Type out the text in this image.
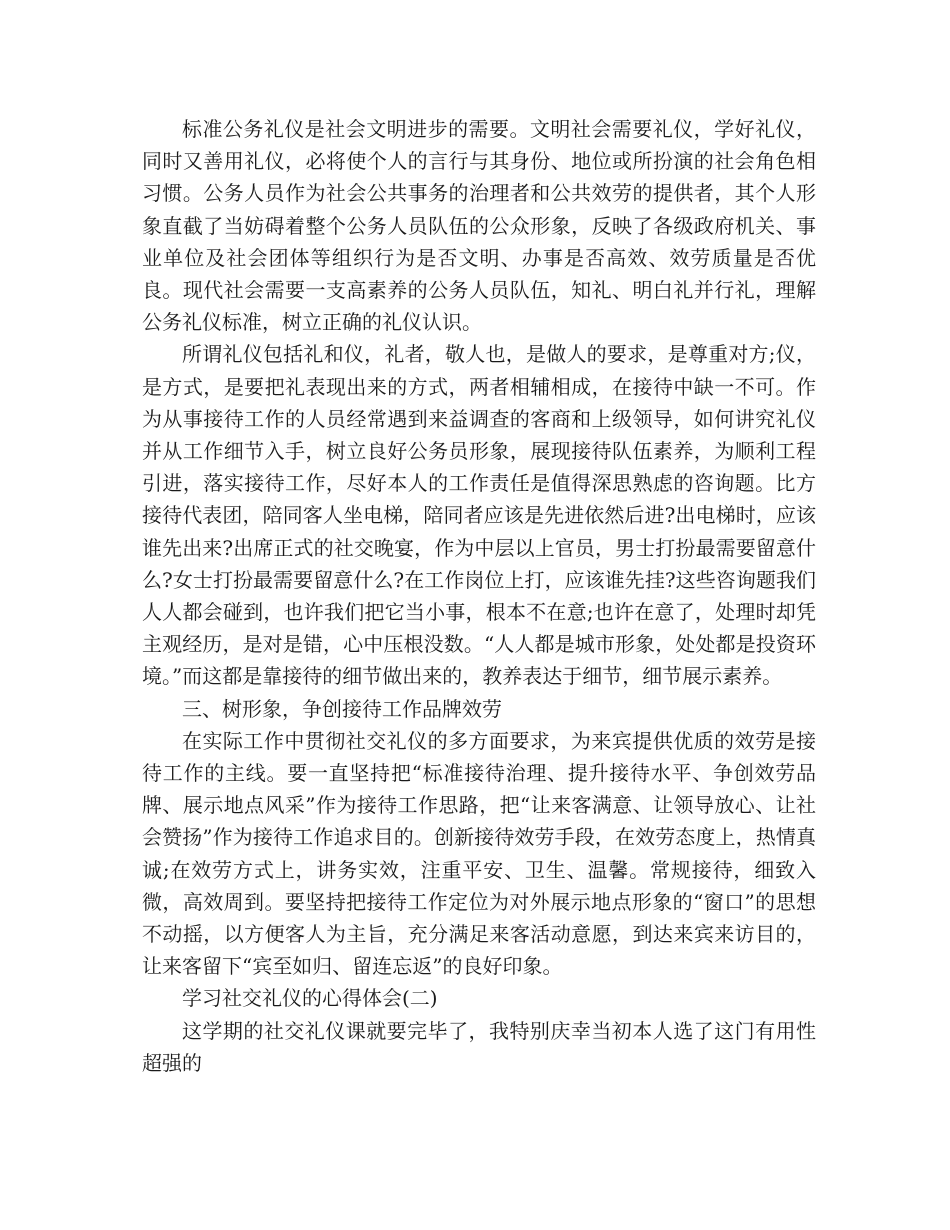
标准公务礼仪是社会文明进步的需要。文明社会需要礼仪，学好礼仪，同时又善用礼仪，必将使个人的言行与其身份、地位或所扮演的社会角色相习惯。公务人员作为社会公共事务的治理者和公共效劳的提供者，其个人形象直截了当妨碍着整个公务人员队伍的公众形象，反映了各级政府机关、事业单位及社会团体等组织行为是否文明、办事是否高效、效劳质量是否优良。现代社会需要一支高素养的公务人员队伍，知礼、明白礼并行礼，理解公务礼仪标准，树立正确的礼仪认识。

所谓礼仪包括礼和仪，礼者，敬人也，是做人的要求，是尊重对方;仪，是方式，是要把礼表现出来的方式，两者相辅相成，在接待中缺一不可。作为从事接待工作的人员经常遇到来益调查的客商和上级领导，如何讲究礼仪并从工作细节入手，树立良好公务员形象，展现接待队伍素养，为顺利工程引进，落实接待工作，尽好本人的工作责任是值得深思熟虑的咨询题。比方接待代表团，陪同客人坐电梯，陪同者应该是先进依然后进?出电梯时，应该谁先出来?出席正式的社交晚宴，作为中层以上官员，男士打扮最需要留意什么?女士打扮最需要留意什么?在工作岗位上打，应该谁先挂?这些咨询题我们人人都会碰到，也许我们把它当小事，根本不在意;也许在意了，处理时却凭主观经历，是对是错，心中压根没数。“人人都是城市形象，处处都是投资环境。”而这都是靠接待的细节做出来的，教养表达于细节，细节展示素养。

三、树形象，争创接待工作品牌效劳

在实际工作中贯彻社交礼仪的多方面要求，为来宾提供优质的效劳是接待工作的主线。要一直坚持把“标准接待治理、提升接待水平、争创效劳品牌、展示地点风采”作为接待工作思路，把“让来客满意、让领导放心、让社会赞扬”作为接待工作追求目的。创新接待效劳手段，在效劳态度上，热情真诚;在效劳方式上，讲务实效，注重平安、卫生、温馨。常规接待，细致入微，高效周到。要坚持把接待工作定位为对外展示地点形象的“窗口”的思想不动摇，以方便客人为主旨，充分满足来客活动意愿，到达来宾来访目的，让来客留下“宾至如归、留连忘返”的良好印象。

学习社交礼仪的心得体会(二)

这学期的社交礼仪课就要完毕了，我特别庆幸当初本人选了这门有用性超强的
